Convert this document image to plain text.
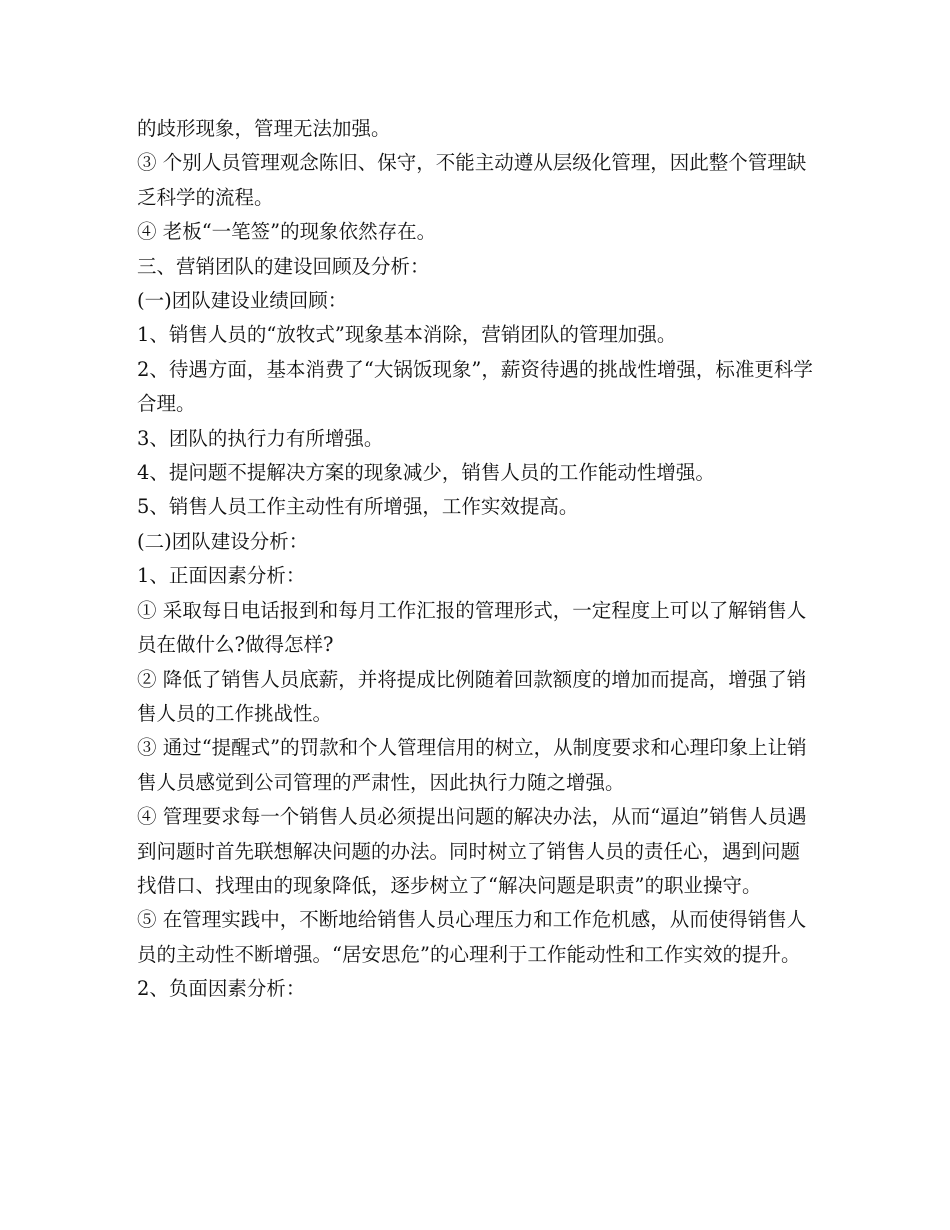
的歧形现象，管理无法加强。

③ 个别人员管理观念陈旧、保守，不能主动遵从层级化管理，因此整个管理缺乏科学的流程。

④ 老板“一笔签”的现象依然存在。

三、营销团队的建设回顾及分析：

(一)团队建设业绩回顾：

1、销售人员的“放牧式”现象基本消除，营销团队的管理加强。

2、待遇方面，基本消费了“大锅饭现象”，薪资待遇的挑战性增强，标准更科学合理。

3、团队的执行力有所增强。

4、提问题不提解决方案的现象减少，销售人员的工作能动性增强。

5、销售人员工作主动性有所增强，工作实效提高。

(二)团队建设分析：

1、正面因素分析：

① 采取每日电话报到和每月工作汇报的管理形式，一定程度上可以了解销售人员在做什么?做得怎样?

② 降低了销售人员底薪，并将提成比例随着回款额度的增加而提高，增强了销售人员的工作挑战性。

③ 通过“提醒式”的罚款和个人管理信用的树立，从制度要求和心理印象上让销售人员感觉到公司管理的严肃性，因此执行力随之增强。

④ 管理要求每一个销售人员必须提出问题的解决办法，从而“逼迫”销售人员遇到问题时首先联想解决问题的办法。同时树立了销售人员的责任心，遇到问题找借口、找理由的现象降低，逐步树立了“解决问题是职责”的职业操守。

⑤ 在管理实践中，不断地给销售人员心理压力和工作危机感，从而使得销售人员的主动性不断增强。“居安思危”的心理利于工作能动性和工作实效的提升。

2、负面因素分析：
